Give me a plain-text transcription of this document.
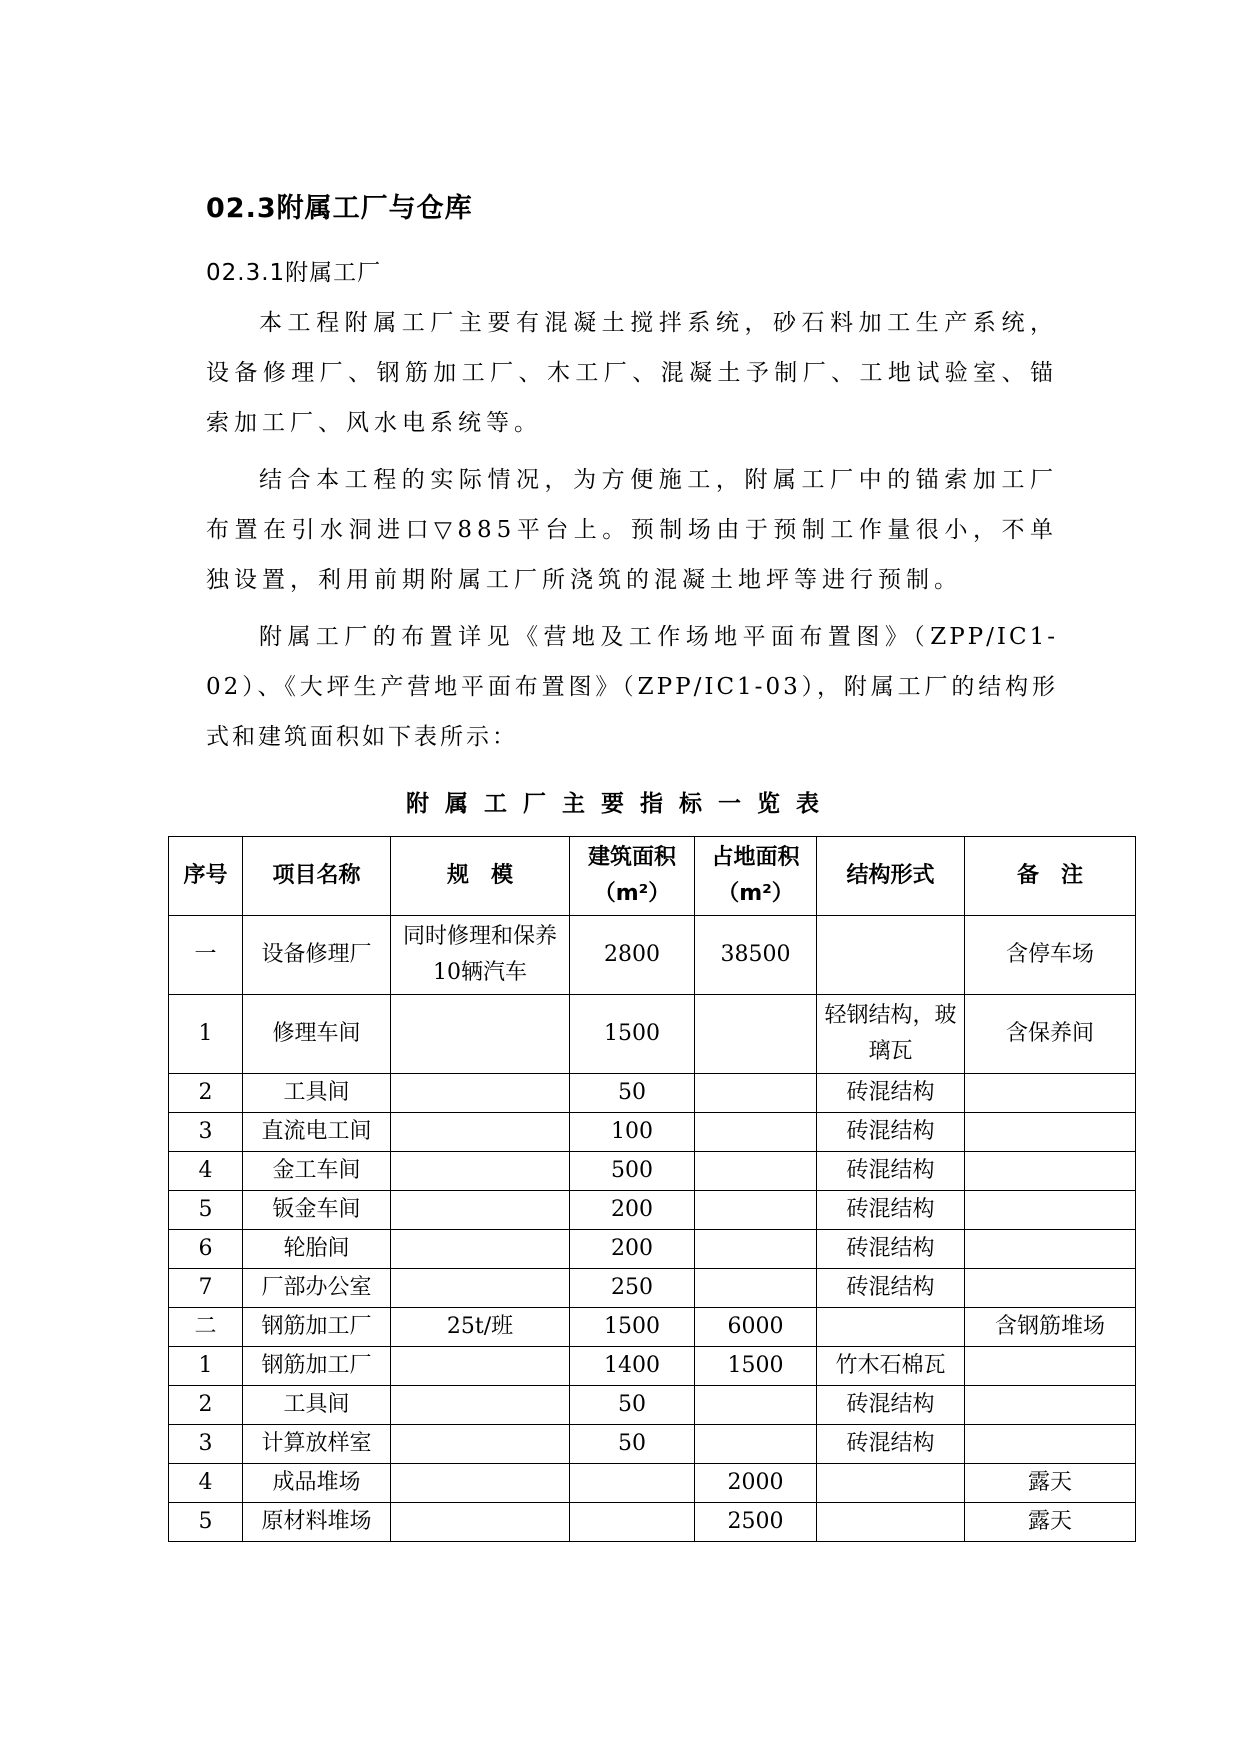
02.3附属工厂与仓库
02.3.1附属工厂

本工程附属工厂主要有混凝土搅拌系统，砂石料加工生产系统，设备修理厂、钢筋加工厂、木工厂、混凝土予制厂、工地试验室、锚索加工厂、风水电系统等。

结合本工程的实际情况，为方便施工，附属工厂中的锚索加工厂布置在引水洞进口▽885平台上。预制场由于预制工作量很小，不单独设置，利用前期附属工厂所浇筑的混凝土地坪等进行预制。

附属工厂的布置详见《营地及工作场地平面布置图》（ZPP/IC1-02）、《大坪生产营地平面布置图》（ZPP/IC1-03），附属工厂的结构形式和建筑面积如下表所示：

附属工厂主要指标一览表
序号	项目名称	规　模	建筑面积（m²）	占地面积（m²）	结构形式	备　注
一	设备修理厂	同时修理和保养10辆汽车	2800	38500		含停车场
1	修理车间		1500		轻钢结构，玻璃瓦	含保养间
2	工具间		50		砖混结构	
3	直流电工间		100		砖混结构	
4	金工车间		500		砖混结构	
5	钣金车间		200		砖混结构	
6	轮胎间		200		砖混结构	
7	厂部办公室		250		砖混结构	
二	钢筋加工厂	25t/班	1500	6000		含钢筋堆场
1	钢筋加工厂		1400	1500	竹木石棉瓦	
2	工具间		50		砖混结构	
3	计算放样室		50		砖混结构	
4	成品堆场			2000		露天
5	原材料堆场			2500		露天
